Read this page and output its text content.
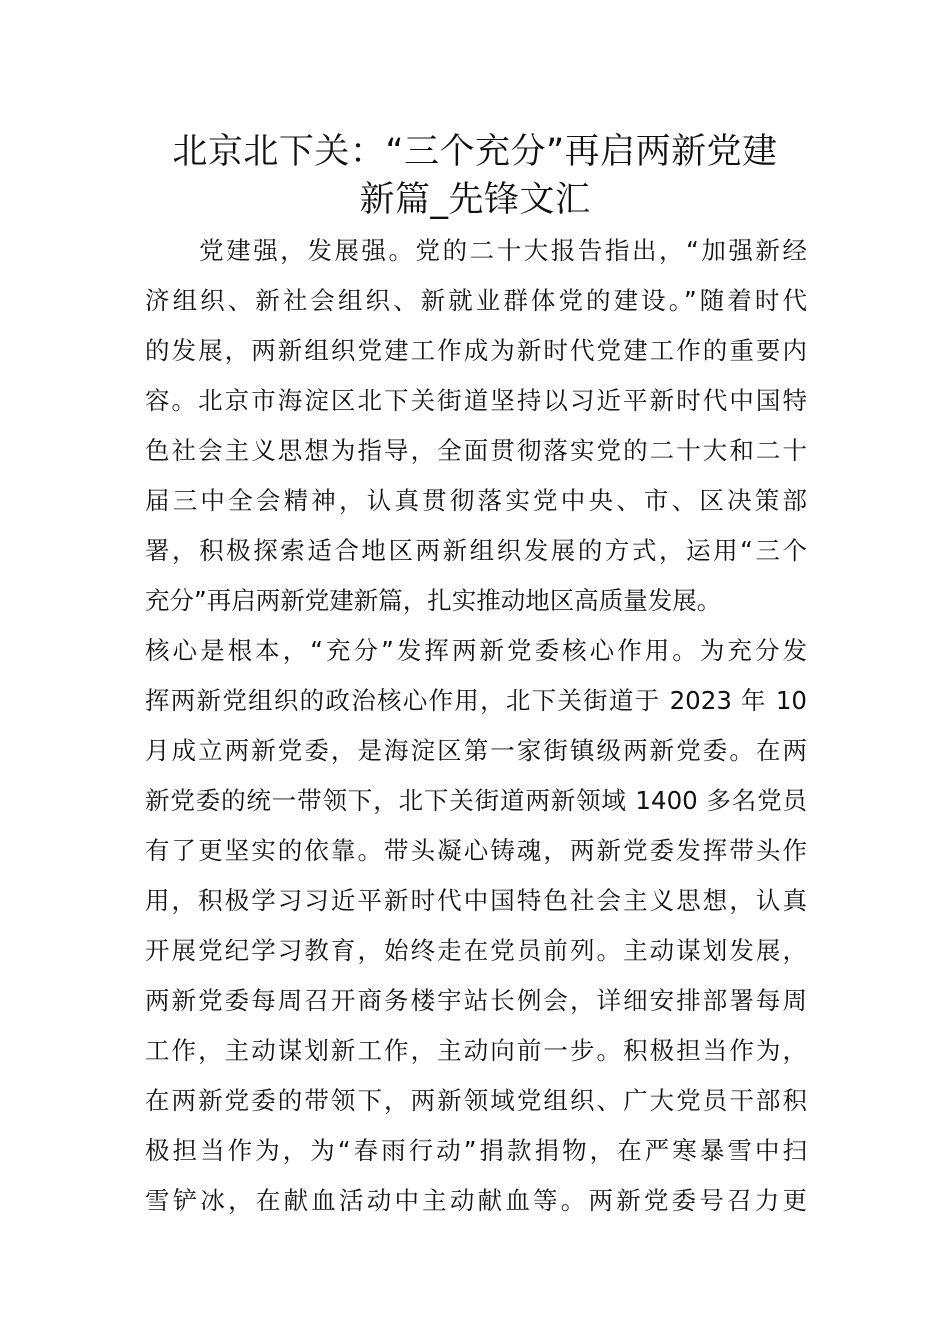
北京北下关：“三个充分”再启两新党建
新篇_先锋文汇
　　党建强，发展强。党的二十大报告指出，“加强新经
济组织、新社会组织、新就业群体党的建设。”随着时代
的发展，两新组织党建工作成为新时代党建工作的重要内
容。北京市海淀区北下关街道坚持以习近平新时代中国特
色社会主义思想为指导，全面贯彻落实党的二十大和二十
届三中全会精神，认真贯彻落实党中央、市、区决策部
署，积极探索适合地区两新组织发展的方式，运用“三个
充分”再启两新党建新篇，扎实推动地区高质量发展。
核心是根本，“充分”发挥两新党委核心作用。为充分发
挥两新党组织的政治核心作用，北下关街道于 2023 年 10
月成立两新党委，是海淀区第一家街镇级两新党委。在两
新党委的统一带领下，北下关街道两新领域 1400 多名党员
有了更坚实的依靠。带头凝心铸魂，两新党委发挥带头作
用，积极学习习近平新时代中国特色社会主义思想，认真
开展党纪学习教育，始终走在党员前列。主动谋划发展，
两新党委每周召开商务楼宇站长例会，详细安排部署每周
工作，主动谋划新工作，主动向前一步。积极担当作为，
在两新党委的带领下，两新领域党组织、广大党员干部积
极担当作为，为“春雨行动”捐款捐物，在严寒暴雪中扫
雪铲冰，在献血活动中主动献血等。两新党委号召力更
